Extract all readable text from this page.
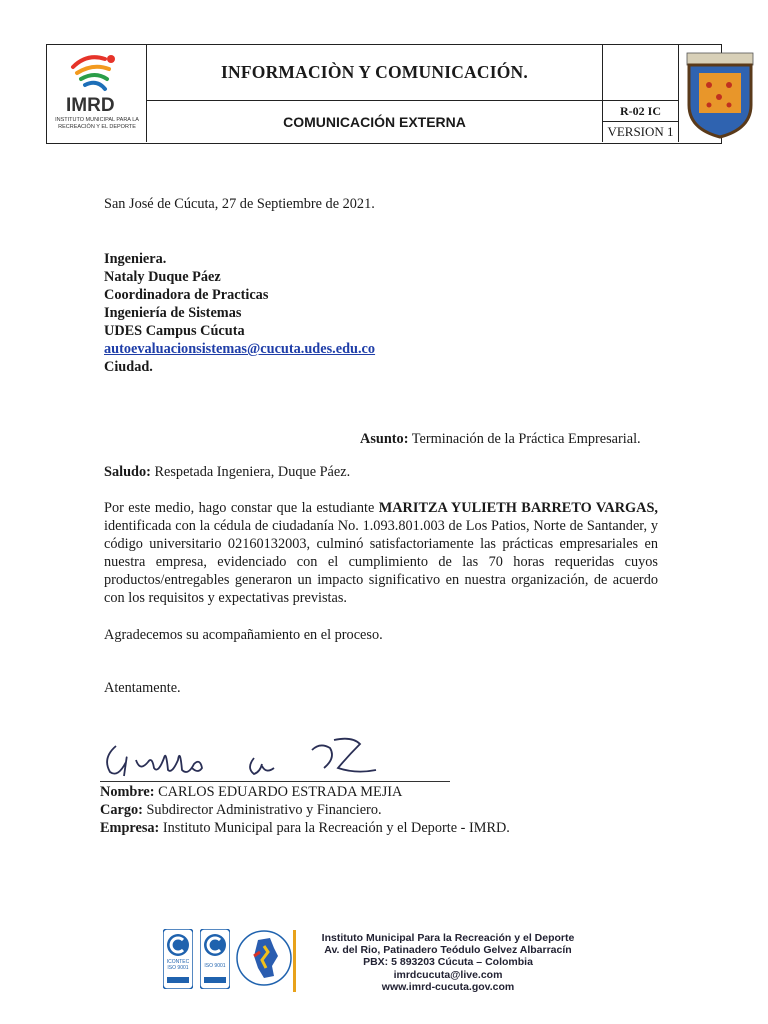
IMRD
INSTITUTO MUNICIPAL PARA LA RECREACIÓN Y EL DEPORTE
INFORMACIÒN Y COMUNICACIÓN.
COMUNICACIÓN EXTERNA
R-02 IC
VERSION 1
San José de Cúcuta, 27 de Septiembre de 2021.
Ingeniera.
Nataly Duque Páez
Coordinadora de Practicas
Ingeniería de Sistemas
UDES Campus Cúcuta
autoevaluacionsistemas@cucuta.udes.edu.co
Ciudad.
Asunto: Terminación de la Práctica Empresarial.
Saludo: Respetada Ingeniera, Duque Páez.
Por este medio, hago constar que la estudiante MARITZA YULIETH BARRETO VARGAS, identificada con la cédula de ciudadanía No. 1.093.801.003 de Los Patios, Norte de Santander, y código universitario 02160132003, culminó satisfactoriamente las prácticas empresariales en nuestra empresa, evidenciado con el cumplimiento de las 70 horas requeridas cuyos productos/entregables generaron un impacto significativo en nuestra organización, de acuerdo con los requisitos y expectativas previstas.
Agradecemos su acompañamiento en el proceso.
Atentamente.
Nombre: CARLOS EDUARDO ESTRADA MEJIA
Cargo: Subdirector Administrativo y Financiero.
Empresa: Instituto Municipal para la Recreación y el Deporte - IMRD.
ICONTEC ISO 9001	ISO 9001
Instituto Municipal Para la Recreación y el Deporte
Av. del Rio, Patinadero Teódulo Gelvez Albarracín
PBX: 5 893203 Cúcuta – Colombia
imrdcucuta@live.com
www.imrd-cucuta.gov.com
